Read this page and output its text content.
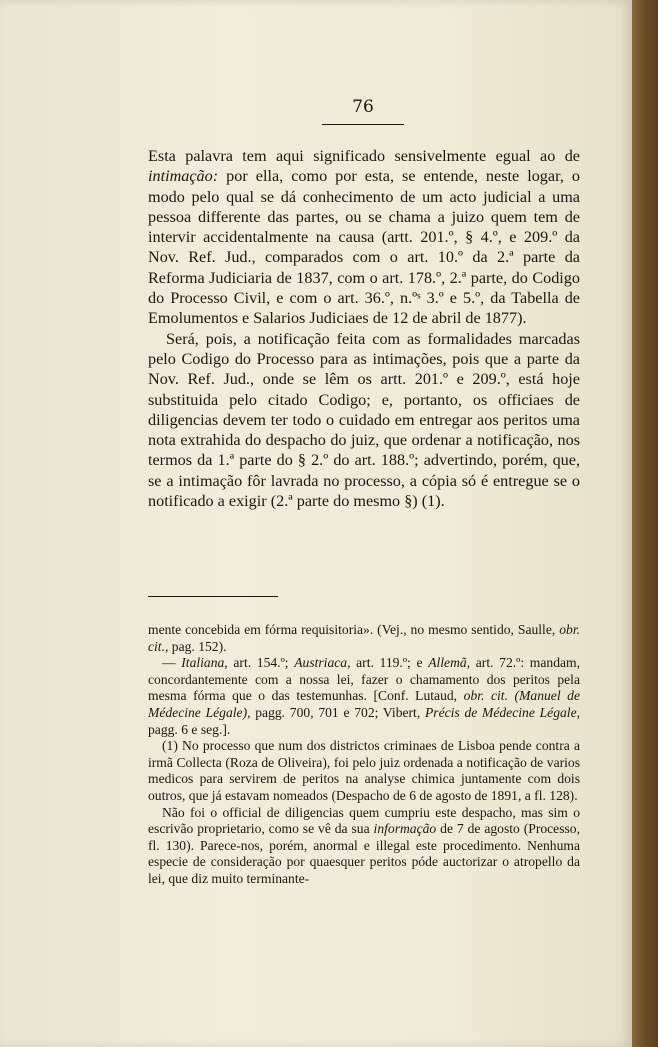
76

Esta palavra tem aqui significado sensivelmente egual ao de intimação: por ella, como por esta, se entende, neste logar, o modo pelo qual se dá conhecimento de um acto judicial a uma pessoa differente das partes, ou se chama a juizo quem tem de intervir accidentalmente na causa (artt. 201.º, § 4.º, e 209.º da Nov. Ref. Jud., comparados com o art. 10.º da 2.ª parte da Reforma Judiciaria de 1837, com o art. 178.º, 2.ª parte, do Codigo do Processo Civil, e com o art. 36.º, n.ºˢ 3.º e 5.º, da Tabella de Emolumentos e Salarios Judiciaes de 12 de abril de 1877).

Será, pois, a notificação feita com as formalidades marcadas pelo Codigo do Processo para as intimações, pois que a parte da Nov. Ref. Jud., onde se lêm os artt. 201.º e 209.º, está hoje substituida pelo citado Codigo; e, portanto, os officiaes de diligencias devem ter todo o cuidado em entregar aos peritos uma nota extrahida do despacho do juiz, que ordenar a notificação, nos termos da 1.ª parte do § 2.º do art. 188.º; advertindo, porém, que, se a intimação fôr lavrada no processo, a cópia só é entregue se o notificado a exigir (2.ª parte do mesmo §) (1).

mente concebida em fórma requisitoria». (Vej., no mesmo sentido, Saulle, obr. cit., pag. 152).

— Italiana, art. 154.º; Austriaca, art. 119.º; e Allemã, art. 72.º: mandam, concordantemente com a nossa lei, fazer o chamamento dos peritos pela mesma fórma que o das testemunhas. [Conf. Lutaud, obr. cit. (Manuel de Médecine Légale), pagg. 700, 701 e 702; Vibert, Précis de Médecine Légale, pagg. 6 e seg.].

(1) No processo que num dos districtos criminaes de Lisboa pende contra a irmã Collecta (Roza de Oliveira), foi pelo juiz ordenada a notificação de varios medicos para servirem de peritos na analyse chimica juntamente com dois outros, que já estavam nomeados (Despacho de 6 de agosto de 1891, a fl. 128).

Não foi o official de diligencias quem cumpriu este despacho, mas sim o escrivão proprietario, como se vê da sua informação de 7 de agosto (Processo, fl. 130). Parece-nos, porém, anormal e illegal este procedimento. Nenhuma especie de consideração por quaesquer peritos póde auctorizar o atropello da lei, que diz muito terminante-
